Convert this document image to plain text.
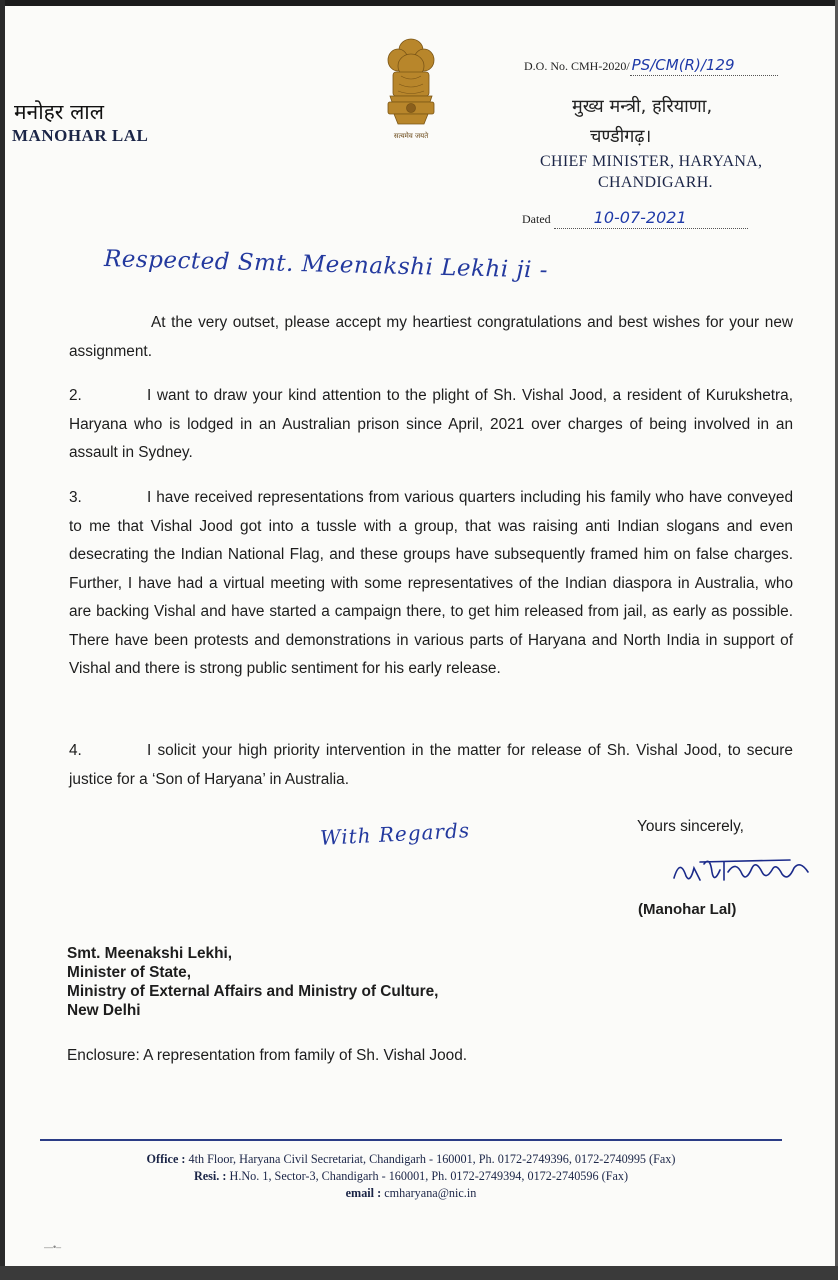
मनोहर लाल
MANOHAR LAL	सत्यमेव जयते
D.O. No. CMH-2020/ PS/CM(R)/129
मुख्य मन्त्री, हरियाणा,
चण्डीगढ़।
CHIEF MINISTER, HARYANA,
CHANDIGARH.
Dated	10-07-2021
Respected Smt. Meenakshi Lekhi ji -

At the very outset, please accept my heartiest congratulations and best wishes for your new assignment.

2.	I want to draw your kind attention to the plight of Sh. Vishal Jood, a resident of Kurukshetra, Haryana who is lodged in an Australian prison since April, 2021 over charges of being involved in an assault in Sydney.

3.	I have received representations from various quarters including his family who have conveyed to me that Vishal Jood got into a tussle with a group, that was raising anti Indian slogans and even desecrating the Indian National Flag, and these groups have subsequently framed him on false charges. Further, I have had a virtual meeting with some representatives of the Indian diaspora in Australia, who are backing Vishal and have started a campaign there, to get him released from jail, as early as possible. There have been protests and demonstrations in various parts of Haryana and North India in support of Vishal and there is strong public sentiment for his early release.

4.	I solicit your high priority intervention in the matter for release of Sh. Vishal Jood, to secure justice for a ‘Son of Haryana’ in Australia.

With Regards	Yours sincerely,
(Manohar Lal)
Smt. Meenakshi Lekhi,
Minister of State,
Ministry of External Affairs and Ministry of Culture,
New Delhi
Enclosure: A representation from family of Sh. Vishal Jood.
Office : 4th Floor, Haryana Civil Secretariat, Chandigarh - 160001, Ph. 0172-2749396, 0172-2740995 (Fax)
Resi. : H.No. 1, Sector-3, Chandigarh - 160001, Ph. 0172-2749394, 0172-2740596 (Fax)
email : cmharyana@nic.in
—•–
